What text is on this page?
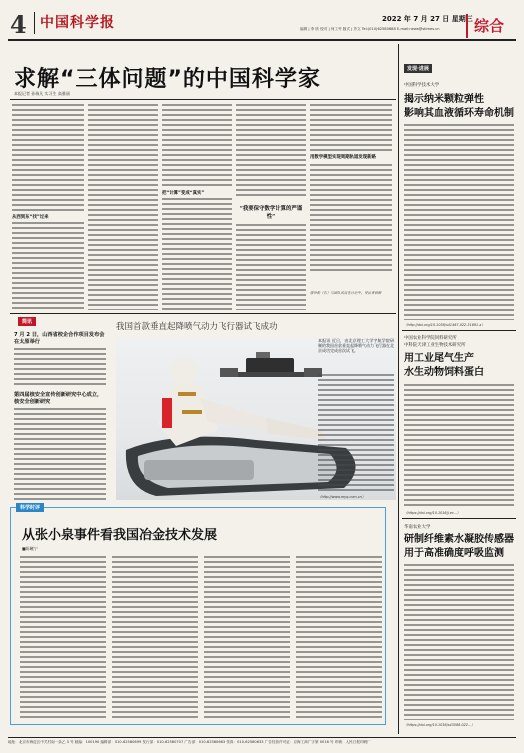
4 中国科学报	2022 年 7 月 27 日 星期三
编辑 | 李 欣 校对 | 何工劳 版式 | 芥文 Tel:(010)62580688 E-mail:news@stimes.cn	综合
求解“三体问题”的中国科学家
本报记者 孙瑞凡 实习生 高雅丽
从西到东“找”过来
把“计算”变成“真实”
“我要保守数学计算的严谨性”
用数学模型实现周期轨道发现新路
廖世俊（右）与团队成员在讨论中。受访者供图
简讯
7 月 2 日，山西省校企合作项目发布会在太原举行
第四届核安全宣传创新研究中心成立，核安全创新研究
我国首款垂直起降喷气动力飞行器试飞成功
本报讯 近日，由北京理工大学宇航学院研制的我国首款垂直起降喷气动力飞行器在北京成功完成首次试飞。
（http://www.myq.com.cn）
发现·进展
中国科学技术大学
揭示纳米颗粒弹性
影响其血液循环寿命机制
（http://doi.org/10.1038/s41467-022-31691-x）
中国农业科学院饲料研究所
中科院天津工业生物技术研究所
用工业尾气生产
水生动物饲料蛋白
（https://doi.org/10.1016/j.ec...）
华南农业大学
研制纤维素水凝胶传感器
用于高准确度呼吸监测
（https://doi.org/10.1038/s43588-022...）
科学时评
从张小泉事件看我国冶金技术发展
■陈曦宁
地址：北京市海淀区中关村南一条乙 3 号 邮编：100190 编辑部：010-62580699 发行部：010-62580707 广告部：010-62580663 传真：010-62580633 广告经营许可证：京海工商广字第 0016 号 印刷：人民日报印刷厂
